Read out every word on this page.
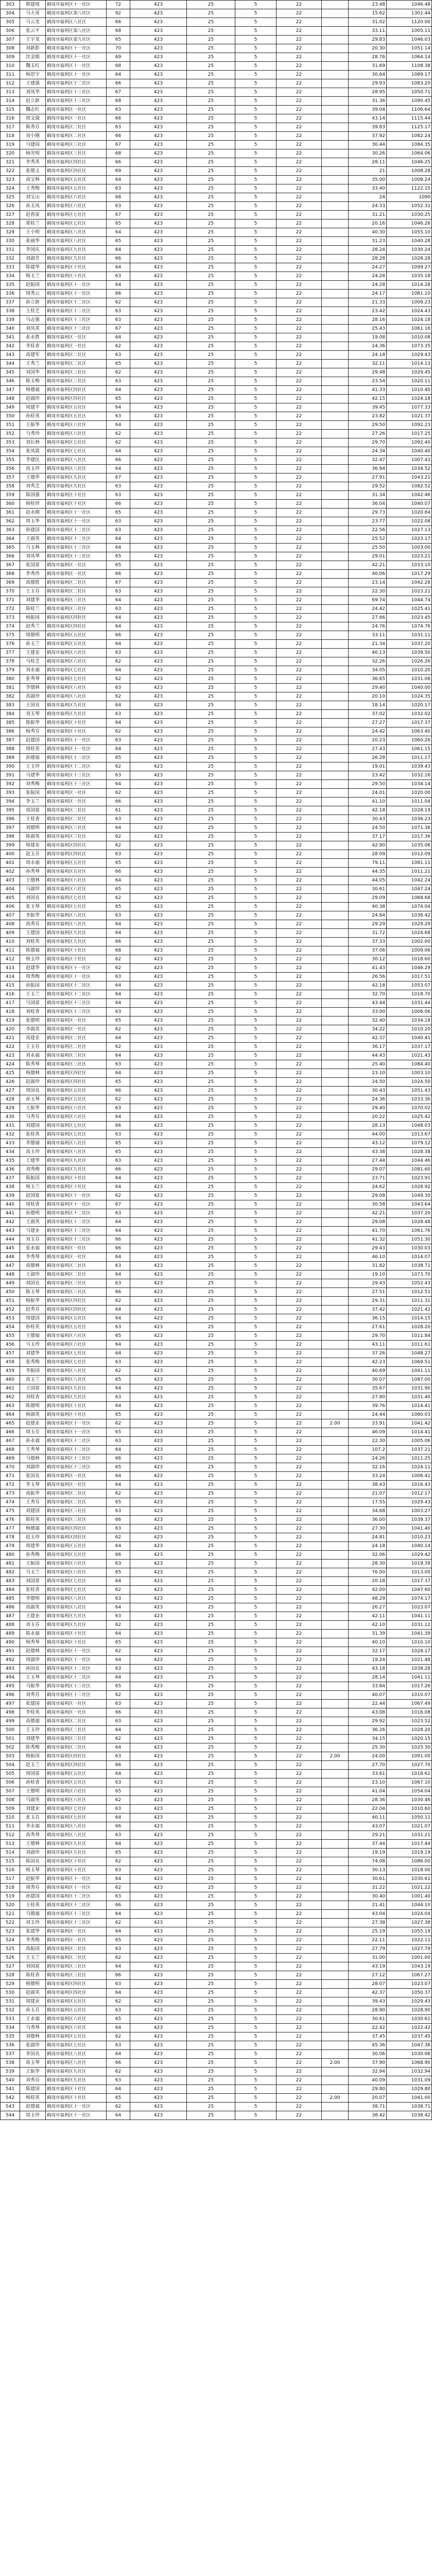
303	郭建雨	鹤岗市福利区十一社区	72	423	25	5	22		23.48	1046.48
304	马大哥	鹤岗市福利区第八社区	92	423	25	5	22		15.62	1301.44
305	马云龙	鹤岗市福利区八社区	66	423	25	5	22		31.02	1120.00
306	张云平	鹤岗市福利区第八社区	68	423	25	5	22		33.11	1005.11
307	王宇龙	鹤岗市福利区第九社区	65	423	25	5	22		29.83	1046.03
308	刘新影	鹤岗市福利区十一社区	70	423	25	5	22		20.30	1051.14
309	沈金娟	鹤岗市福利区十一社区	69	423	25	5	22		28.76	1064.14
310	魏玉红	鹤岗市福利区十一社区	68	423	25	5	22		31.69	1108.38
311	杨思宇	鹤岗市福利区十一社区	64	423	25	5	22		30.64	1089.17
312	王建强	鹤岗市福利区十二社区	66	423	25	5	22		29.93	1083.20
313	刘凤华	鹤岗市福利区十三社区	67	423	25	5	22		28.95	1050.71
314	赵立新	鹤岗市福利区十三社区	68	423	25	5	22		31.36	1090.45
315	魏志红	鹤岗市福利区一社区	63	423	25	5	22		39.04	1106.64
316	周文强	鹤岗市福利区一社区	66	423	25	5	22		43.14	1115.44
317	陈秀芬	鹤岗市福利区二社区	63	423	25	5	22		39.83	1125.17
318	刘小刚	鹤岗市福利区二社区	66	423	25	5	22		37.92	1082.24
319	马建国	鹤岗市福利区三社区	67	423	25	5	22		30.44	1084.35
320	杨光明	鹤岗市福利区三社区	68	423	25	5	22		30.26	1064.06
321	李秀英	鹤岗市福利区四社区	66	423	25	5	22		28.11	1046.25
322	张德义	鹤岗市福利区四社区	69	423	25	5	22		21	1008.28
323	高宝林	鹤岗市福利区五社区	64	423	25	5	22		35.00	1008.24
324	王秀梅	鹤岗市福利区五社区	63	423	25	5	22		33.40	1122.15
325	刘宝山	鹤岗市福利区六社区	68	423	25	5	22		24	1090
326	孙玉凤	鹤岗市福利区六社区	63	423	25	5	22		24.33	1052.31
327	赵春雷	鹤岗市福利区七社区	67	423	25	5	22		31.21	1030.25
328	郑桂兰	鹤岗市福利区七社区	65	423	25	5	22		20.16	1046.26
329	王小明	鹤岗市福利区八社区	64	423	25	5	22		40.30	1055.10
330	张丽华	鹤岗市福利区八社区	65	423	25	5	22		31.23	1040.28
331	李国庆	鹤岗市福利区九社区	64	423	25	5	22		28.24	1030.24
332	刘淑芳	鹤岗市福利区九社区	66	423	25	5	22		28.28	1028.28
333	陈建华	鹤岗市福利区十社区	64	423	25	5	22		24.27	1099.27
334	杨玉兰	鹤岗市福利区十社区	63	423	25	5	22		24.28	1035.18
335	赵振国	鹤岗市福利区十一社区	64	423	25	5	22		24.28	1014.28
336	周秀云	鹤岗市福利区十一社区	66	423	25	5	22		24.17	1081.10
337	孙立新	鹤岗市福利区十二社区	62	423	25	5	22		21.33	1008.23
338	王桂芝	鹤岗市福利区十二社区	63	423	25	5	22		23.42	1024.43
339	马志强	鹤岗市福利区十三社区	63	423	25	5	22		28.16	1024.18
340	刘凤英	鹤岗市福利区十三社区	67	423	25	5	22		25.43	1061.16
341	张永胜	鹤岗市福利区一社区	64	423	25	5	22		19.08	1010.08
342	李桂香	鹤岗市福利区一社区	62	423	25	5	22		24.36	1073.35
343	高建军	鹤岗市福利区二社区	63	423	25	5	22		24.18	1029.43
344	王秀兰	鹤岗市福利区二社区	65	423	25	5	22		32.11	1014.13
345	刘国华	鹤岗市福利区三社区	62	423	25	5	22		29.48	1029.45
346	陈玉梅	鹤岗市福利区三社区	63	423	25	5	22		23.54	1020.11
347	杨德福	鹤岗市福利区四社区	64	423	25	5	22		41.33	1010.40
348	赵淑珍	鹤岗市福利区四社区	65	423	25	5	22		42.15	1024.18
349	周建平	鹤岗市福利区五社区	64	423	25	5	22		39.45	1077.33
350	孙桂英	鹤岗市福利区五社区	63	423	25	5	22		23.82	1021.37
351	王振华	鹤岗市福利区六社区	64	423	25	5	22		29.50	1092.23
352	马秀珍	鹤岗市福利区六社区	62	423	25	5	22		27.26	1017.25
353	刘长林	鹤岗市福利区七社区	62	423	25	5	22		29.70	1092.40
354	张凤霞	鹤岗市福利区七社区	64	423	25	5	22		24.34	1040.40
355	李建民	鹤岗市福利区八社区	66	423	25	5	22		32.47	1007.43
356	高玉珍	鹤岗市福利区八社区	64	423	25	5	22		36.94	1034.52
357	王德华	鹤岗市福利区九社区	67	423	25	5	22		27.91	1043.21
358	刘秀芝	鹤岗市福利区九社区	63	423	25	5	22		29.52	1082.52
359	陈国强	鹤岗市福利区十社区	63	423	25	5	22		31.34	1042.46
360	杨桂珍	鹤岗市福利区十社区	66	423	25	5	22		36.04	1040.07
361	赵永刚	鹤岗市福利区十一社区	65	423	25	5	22		29.73	1020.84
362	周玉华	鹤岗市福利区十一社区	63	423	25	5	22		23.77	1022.08
363	孙建国	鹤岗市福利区十二社区	63	423	25	5	22		22.56	1027.13
364	王淑英	鹤岗市福利区十二社区	64	423	25	5	22		25.52	1023.17
365	马玉林	鹤岗市福利区十三社区	64	423	25	5	22		25.50	1003.00
366	刘凤琴	鹤岗市福利区十三社区	65	423	25	5	22		29.01	1023.21
367	张国富	鹤岗市福利区一社区	65	423	25	5	22		42.21	1033.10
368	李秀珍	鹤岗市福利区一社区	66	423	25	5	22		40.06	1017.29
369	高德胜	鹤岗市福利区二社区	67	423	25	5	22		23.14	1042.28
370	王玉芬	鹤岗市福利区二社区	63	423	25	5	22		22.30	1023.21
371	刘建华	鹤岗市福利区三社区	64	423	25	5	22		69.74	1044.74
372	陈桂兰	鹤岗市福利区三社区	63	423	25	5	22		24.42	1025.41
373	杨振国	鹤岗市福利区四社区	64	423	25	5	22		27.66	1023.45
374	赵秀兰	鹤岗市福利区四社区	64	423	25	5	22		24.76	1074.76
375	周德明	鹤岗市福利区五社区	66	423	25	5	22		33.11	1031.11
376	孙玉兰	鹤岗市福利区五社区	64	423	25	5	22		21.34	1037.20
377	王建业	鹤岗市福利区六社区	63	423	25	5	22		40.13	1039.50
378	马桂芝	鹤岗市福利区六社区	62	423	25	5	22		32.26	1026.26
379	刘永福	鹤岗市福利区七社区	64	423	25	5	22		34.05	1010.20
380	张秀琴	鹤岗市福利区七社区	62	423	25	5	22		36.65	1031.06
381	李德林	鹤岗市福利区八社区	63	423	25	5	22		29.40	1040.00
382	高淑珍	鹤岗市福利区八社区	62	423	25	5	22		20.10	1024.35
383	王国良	鹤岗市福利区九社区	64	423	25	5	22		18.14	1020.17
384	刘玉琴	鹤岗市福利区九社区	63	423	25	5	22		37.02	1032.02
385	陈振华	鹤岗市福利区十社区	64	423	25	5	22		27.27	1017.37
386	杨秀芬	鹤岗市福利区十社区	62	423	25	5	22		24.42	1063.40
387	赵建国	鹤岗市福利区十一社区	63	423	25	5	22		20.23	1060.26
388	周桂英	鹤岗市福利区十一社区	64	423	25	5	22		27.43	1061.15
389	孙德福	鹤岗市福利区十二社区	65	423	25	5	22		26.28	1011.17
390	王玉珍	鹤岗市福利区十二社区	62	423	25	5	22		19.01	1039.43
391	马建华	鹤岗市福利区十三社区	63	423	25	5	22		23.42	1032.16
392	刘秀梅	鹤岗市福利区十三社区	64	423	25	5	22		29.50	1034.14
393	张振国	鹤岗市福利区一社区	62	423	25	5	22		24.01	1020.00
394	李玉兰	鹤岗市福利区一社区	66	423	25	5	22		41.10	1011.04
395	高国富	鹤岗市福利区二社区	61	423	25	5	22		42.18	1028.19
396	王桂香	鹤岗市福利区二社区	63	423	25	5	22		30.43	1036.23
397	刘德明	鹤岗市福利区三社区	64	423	25	5	22		24.50	1071.36
398	陈淑英	鹤岗市福利区三社区	62	423	25	5	22		37.17	1017.36
399	杨建业	鹤岗市福利区四社区	62	423	25	5	22		42.90	1035.06
400	赵玉芬	鹤岗市福利区四社区	63	423	25	5	22		28.09	1012.09
401	周永福	鹤岗市福利区五社区	65	423	25	5	22		79.11	1081.11
402	孙秀琴	鹤岗市福利区五社区	66	423	25	5	22		44.35	1011.21
403	王德林	鹤岗市福利区六社区	64	423	25	5	22		44.05	1042.24
404	马淑珍	鹤岗市福利区六社区	65	423	25	5	22		30.61	1047.24
405	刘国良	鹤岗市福利区七社区	62	423	25	5	22		29.09	1068.68
406	张玉琴	鹤岗市福利区七社区	65	423	25	5	22		40.38	1074.04
407	李振华	鹤岗市福利区八社区	63	423	25	5	22		24.84	1036.42
408	高秀芬	鹤岗市福利区八社区	64	423	25	5	22		29.29	1029.29
409	王建国	鹤岗市福利区九社区	64	423	25	5	22		31.72	1024.68
410	刘桂英	鹤岗市福利区九社区	66	423	25	5	22		37.33	1002.00
411	陈德福	鹤岗市福利区十社区	68	423	25	5	22		37.06	1009.06
412	杨玉珍	鹤岗市福利区十社区	62	423	25	5	22		30.12	1018.60
413	赵建华	鹤岗市福利区十一社区	62	423	25	5	22		41.43	1046.29
414	周秀梅	鹤岗市福利区十一社区	63	423	25	5	22		26.56	1017.51
415	孙振国	鹤岗市福利区十二社区	64	423	25	5	22		42.18	1053.07
416	王玉兰	鹤岗市福利区十二社区	64	423	25	5	22		32.70	1018.70
417	马国富	鹤岗市福利区十三社区	64	423	25	5	22		43.44	1031.44
418	刘桂香	鹤岗市福利区十三社区	63	423	25	5	22		33.00	1006.06
419	张德明	鹤岗市福利区一社区	65	423	25	5	22		32.40	1034.18
420	李淑英	鹤岗市福利区一社区	62	423	25	5	22		34.22	1010.20
421	高建业	鹤岗市福利区二社区	64	423	25	5	22		42.37	1040.41
422	王玉芬	鹤岗市福利区二社区	62	423	25	5	22		36.17	1037.17
423	刘永福	鹤岗市福利区三社区	64	423	25	5	22		44.43	1021.43
424	陈秀琴	鹤岗市福利区三社区	63	423	25	5	22		25.40	1084.40
425	杨德林	鹤岗市福利区四社区	64	423	25	5	22		23.10	1003.10
426	赵淑珍	鹤岗市福利区四社区	65	423	25	5	22		24.50	1024.50
427	周国良	鹤岗市福利区五社区	66	423	25	5	22		30.43	1051.43
428	孙玉琴	鹤岗市福利区五社区	62	423	25	5	22		24.36	1033.36
429	王振华	鹤岗市福利区六社区	63	423	25	5	22		29.40	1070.02
430	马秀芬	鹤岗市福利区六社区	64	423	25	5	22		20.22	1025.42
431	刘建国	鹤岗市福利区七社区	66	423	25	5	22		28.13	1048.03
432	张桂英	鹤岗市福利区七社区	63	423	25	5	22		44.00	1013.67
433	李德福	鹤岗市福利区八社区	65	423	25	5	22		43.12	1079.12
434	高玉珍	鹤岗市福利区八社区	65	423	25	5	22		43.38	1028.38
435	王建华	鹤岗市福利区九社区	63	423	25	5	22		27.44	1044.46
436	刘秀梅	鹤岗市福利区九社区	66	423	25	5	22		29.07	1081.60
437	陈振国	鹤岗市福利区十社区	64	423	25	5	22		23.71	1023.91
438	杨玉兰	鹤岗市福利区十社区	64	423	25	5	22		24.62	1028.92
439	赵国富	鹤岗市福利区十一社区	62	423	25	5	22		29.08	1049.30
440	周桂香	鹤岗市福利区十一社区	67	423	25	5	22		30.58	1043.64
441	孙德明	鹤岗市福利区十二社区	63	423	25	5	22		42.21	1037.20
442	王淑英	鹤岗市福利区十二社区	64	423	25	5	22		29.08	1028.48
443	马建业	鹤岗市福利区十三社区	64	423	25	5	22		41.70	1061.76
444	刘玉芬	鹤岗市福利区十三社区	66	423	25	5	22		41.32	1051.30
445	张永福	鹤岗市福利区一社区	66	423	25	5	22		29.43	1030.03
446	李秀琴	鹤岗市福利区一社区	64	423	25	5	22		46.10	1014.07
447	高德林	鹤岗市福利区二社区	63	423	25	5	22		31.82	1038.71
448	王淑珍	鹤岗市福利区二社区	64	423	25	5	22		19.10	1073.70
449	刘国良	鹤岗市福利区三社区	63	423	25	5	22		29.43	1052.43
450	陈玉琴	鹤岗市福利区三社区	66	423	25	5	22		27.51	1012.51
451	杨振华	鹤岗市福利区四社区	62	423	25	5	22		29.31	1011.31
452	赵秀芬	鹤岗市福利区四社区	64	423	25	5	22		37.42	1021.42
453	周建国	鹤岗市福利区五社区	64	423	25	5	22		36.15	1014.15
454	孙桂英	鹤岗市福利区五社区	63	423	25	5	22		27.61	1028.20
455	王德福	鹤岗市福利区六社区	65	423	25	5	22		29.70	1011.84
456	马玉珍	鹤岗市福利区六社区	64	423	25	5	22		43.11	1011.61
457	刘建华	鹤岗市福利区七社区	64	423	25	5	22		37.26	1048.27
458	张秀梅	鹤岗市福利区七社区	63	423	25	5	22		42.23	1069.51
459	李振国	鹤岗市福利区八社区	62	423	25	5	22		40.69	1041.11
460	高玉兰	鹤岗市福利区八社区	65	423	25	5	22		30.07	1087.00
461	王国富	鹤岗市福利区九社区	64	423	25	5	22		35.67	1031.90
462	刘桂香	鹤岗市福利区九社区	63	423	25	5	22		27.80	1031.40
463	陈德明	鹤岗市福利区十社区	64	423	25	5	22		39.76	1014.41
464	杨淑英	鹤岗市福利区十社区	65	423	25	5	22		24.44	1080.03
465	赵建业	鹤岗市福利区十一社区	62	423	25	5	22	2.00	33.91	1041.42
466	周玉芬	鹤岗市福利区十一社区	65	423	25	5	22		46.09	1014.41
467	孙永福	鹤岗市福利区十二社区	63	423	25	5	22		22.30	1005.06
468	王秀琴	鹤岗市福利区十二社区	64	423	25	5	22		107.2	1037.21
469	马德林	鹤岗市福利区十三社区	66	423	25	5	22		24.26	1011.25
470	刘淑珍	鹤岗市福利区十三社区	65	423	25	5	22		32.16	1024.11
471	张国良	鹤岗市福利区一社区	64	423	25	5	22		33.24	1006.41
472	李玉琴	鹤岗市福利区一社区	64	423	25	5	22		38.43	1016.43
473	高振华	鹤岗市福利区二社区	62	423	25	5	22		21.07	1012.17
474	王秀芬	鹤岗市福利区二社区	65	423	25	5	22		17.55	1029.43
475	刘建国	鹤岗市福利区三社区	63	423	25	5	22		34.68	1003.27
476	陈桂英	鹤岗市福利区三社区	66	423	25	5	22		36.00	1039.37
477	杨德福	鹤岗市福利区四社区	63	423	25	5	22		27.30	1041.40
478	赵玉珍	鹤岗市福利区四社区	62	423	25	5	22		24.81	1010.23
479	周建华	鹤岗市福利区五社区	64	423	25	5	22		24.18	1040.14
480	孙秀梅	鹤岗市福利区五社区	66	423	25	5	22		32.06	1029.42
481	王振国	鹤岗市福利区六社区	63	423	25	5	22		28.30	1019.39
482	马玉兰	鹤岗市福利区六社区	65	423	25	5	22		76.00	1013.00
483	刘国富	鹤岗市福利区七社区	64	423	25	5	22		20.18	1017.37
484	张桂香	鹤岗市福利区七社区	62	423	25	5	22		42.00	1047.60
485	李德明	鹤岗市福利区八社区	63	423	25	5	22		48.29	1074.17
486	高淑英	鹤岗市福利区八社区	64	423	25	5	22		26.27	1023.07
487	王建业	鹤岗市福利区九社区	63	423	25	5	22		42.11	1041.11
488	刘玉芬	鹤岗市福利区九社区	62	423	25	5	22		42.10	1031.12
489	陈永福	鹤岗市福利区十社区	64	423	25	5	22		31.39	1041.39
490	杨秀琴	鹤岗市福利区十社区	65	423	25	5	22		40.10	1010.10
491	赵德林	鹤岗市福利区十一社区	62	423	25	5	22		32.17	1028.17
492	周淑珍	鹤岗市福利区十一社区	64	423	25	5	22		19.24	1021.48
493	孙国良	鹤岗市福利区十二社区	63	423	25	5	22		43.18	1038.28
494	王玉琴	鹤岗市福利区十二社区	64	423	25	5	22		28.14	1041.11
495	马振华	鹤岗市福利区十三社区	65	423	25	5	22		33.84	1017.26
496	刘秀芬	鹤岗市福利区十三社区	62	423	25	5	22		40.07	1010.07
497	张建国	鹤岗市福利区一社区	63	423	25	5	22		22.44	1067.49
498	李桂英	鹤岗市福利区一社区	66	423	25	5	22		43.08	1016.08
499	高德福	鹤岗市福利区二社区	63	423	25	5	22		29.92	1023.52
500	王玉珍	鹤岗市福利区二社区	64	423	25	5	22		36.26	1028.20
501	刘建华	鹤岗市福利区三社区	62	423	25	5	22		34.15	1020.15
502	陈秀梅	鹤岗市福利区三社区	64	423	25	5	22		25.30	1025.30
503	杨振国	鹤岗市福利区四社区	63	423	25	5	22	2.00	24.00	1091.00
504	赵玉兰	鹤岗市福利区四社区	66	423	25	5	22		27.70	1027.70
505	周国富	鹤岗市福利区五社区	64	423	25	5	22		33.61	1018.61
506	孙桂香	鹤岗市福利区五社区	63	423	25	5	22		23.10	1067.10
507	王德明	鹤岗市福利区六社区	65	423	25	5	22		41.04	1054.04
508	马淑英	鹤岗市福利区六社区	62	423	25	5	22		28.36	1030.46
509	刘建业	鹤岗市福利区七社区	63	423	25	5	22		22.04	1010.60
510	张玉芬	鹤岗市福利区七社区	64	423	25	5	22		40.11	1050.11
511	李永福	鹤岗市福利区八社区	66	423	25	5	22		43.07	1021.07
512	高秀琴	鹤岗市福利区八社区	63	423	25	5	22		29.21	1031.21
513	王德林	鹤岗市福利区九社区	64	423	25	5	22		37.44	1017.44
514	刘淑珍	鹤岗市福利区九社区	65	423	25	5	22		19.19	1019.19
515	陈国良	鹤岗市福利区十社区	62	423	25	5	22		74.08	1086.00
516	杨玉琴	鹤岗市福利区十社区	63	423	25	5	22		30.13	1018.00
517	赵振华	鹤岗市福利区十一社区	64	423	25	5	22		30.61	1030.61
518	周秀芬	鹤岗市福利区十一社区	62	423	25	5	22		31.22	1021.22
519	孙建国	鹤岗市福利区十二社区	63	423	25	5	22		30.40	1001.40
520	王桂英	鹤岗市福利区十二社区	66	423	25	5	22		21.41	1044.10
521	马德福	鹤岗市福利区十三社区	64	423	25	5	22		43.04	1024.04
522	刘玉珍	鹤岗市福利区十三社区	62	423	25	5	22		27.38	1027.38
523	张建华	鹤岗市福利区一社区	64	423	25	5	22		25.19	1055.19
524	李秀梅	鹤岗市福利区一社区	65	423	25	5	22		22.11	1022.11
525	高振国	鹤岗市福利区二社区	63	423	25	5	22		27.79	1027.79
526	王玉兰	鹤岗市福利区二社区	62	423	25	5	22		31.00	1001.00
527	刘国富	鹤岗市福利区三社区	64	423	25	5	22		43.19	1043.19
528	陈桂香	鹤岗市福利区三社区	66	423	25	5	22		27.12	1067.27
529	杨德明	鹤岗市福利区四社区	63	423	25	5	22		28.07	1023.07
530	赵淑英	鹤岗市福利区四社区	64	423	25	5	22		42.37	1050.37
531	周建业	鹤岗市福利区五社区	62	423	25	5	22		39.43	1029.43
532	孙玉芬	鹤岗市福利区五社区	63	423	25	5	22		28.90	1028.90
533	王永福	鹤岗市福利区六社区	65	423	25	5	22		30.61	1030.61
534	马秀琴	鹤岗市福利区六社区	64	423	25	5	22		22.42	1022.42
535	刘德林	鹤岗市福利区七社区	62	423	25	5	22		37.45	1037.45
536	张淑珍	鹤岗市福利区七社区	63	423	25	5	22		45.36	1047.36
537	李国良	鹤岗市福利区八社区	64	423	25	5	22		30.06	1030.06
538	高玉琴	鹤岗市福利区八社区	66	423	25	5	22	2.00	37.90	1068.90
539	王振华	鹤岗市福利区九社区	62	423	25	5	22		32.94	1032.94
540	刘秀芬	鹤岗市福利区九社区	63	423	25	5	22		40.09	1031.09
541	陈建国	鹤岗市福利区十社区	64	423	25	5	22		29.80	1029.80
542	杨桂英	鹤岗市福利区十社区	65	423	25	5	22	2.00	20.07	1041.00
543	赵德福	鹤岗市福利区十一社区	62	423	25	5	22		38.71	1038.71
544	周玉珍	鹤岗市福利区十一社区	64	423	25	5	22		38.42	1038.42
